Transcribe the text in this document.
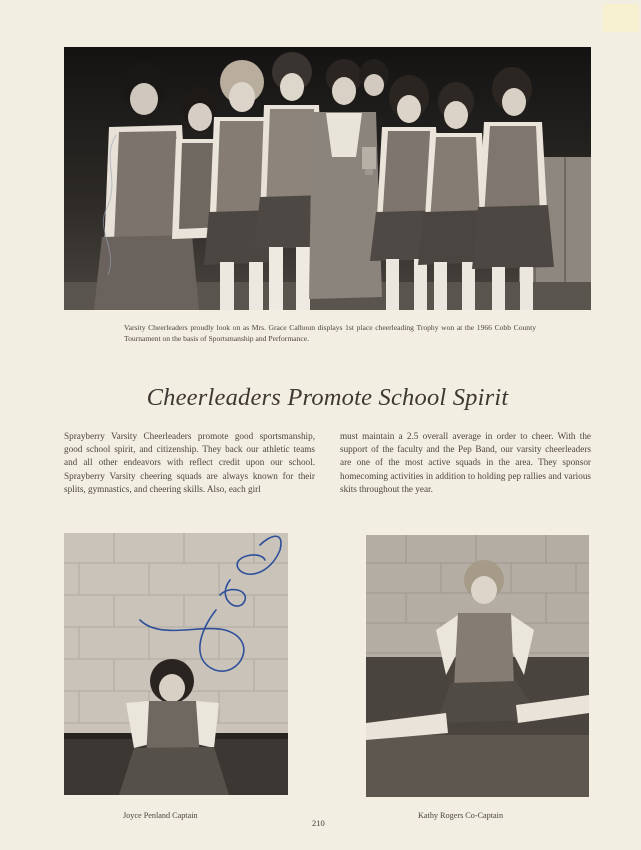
Varsity Cheerleaders proudly look on as Mrs. Grace Calhoun displays 1st place cheerleading Trophy won at the 1966 Cobb County Tournament on the basis of Sportsmanship and Performance.
Cheerleaders Promote School Spirit
Sprayberry Varsity Cheerleaders promote good sportsmanship, good school spirit, and citizenship. They back our athletic teams and all other endeavors with reflect credit upon our school. Sprayberry Varsity cheering squads are always known for their splits, gymnastics, and cheering skills. Also, each girl
must maintain a 2.5 overall average in order to cheer. With the support of the faculty and the Pep Band, our varsity cheerleaders are one of the most active squads in the area. They sponsor homecoming activities in addition to holding pep rallies and various skits throughout the year.
Joyce Penland Captain	Kathy Rogers Co-Captain
210
